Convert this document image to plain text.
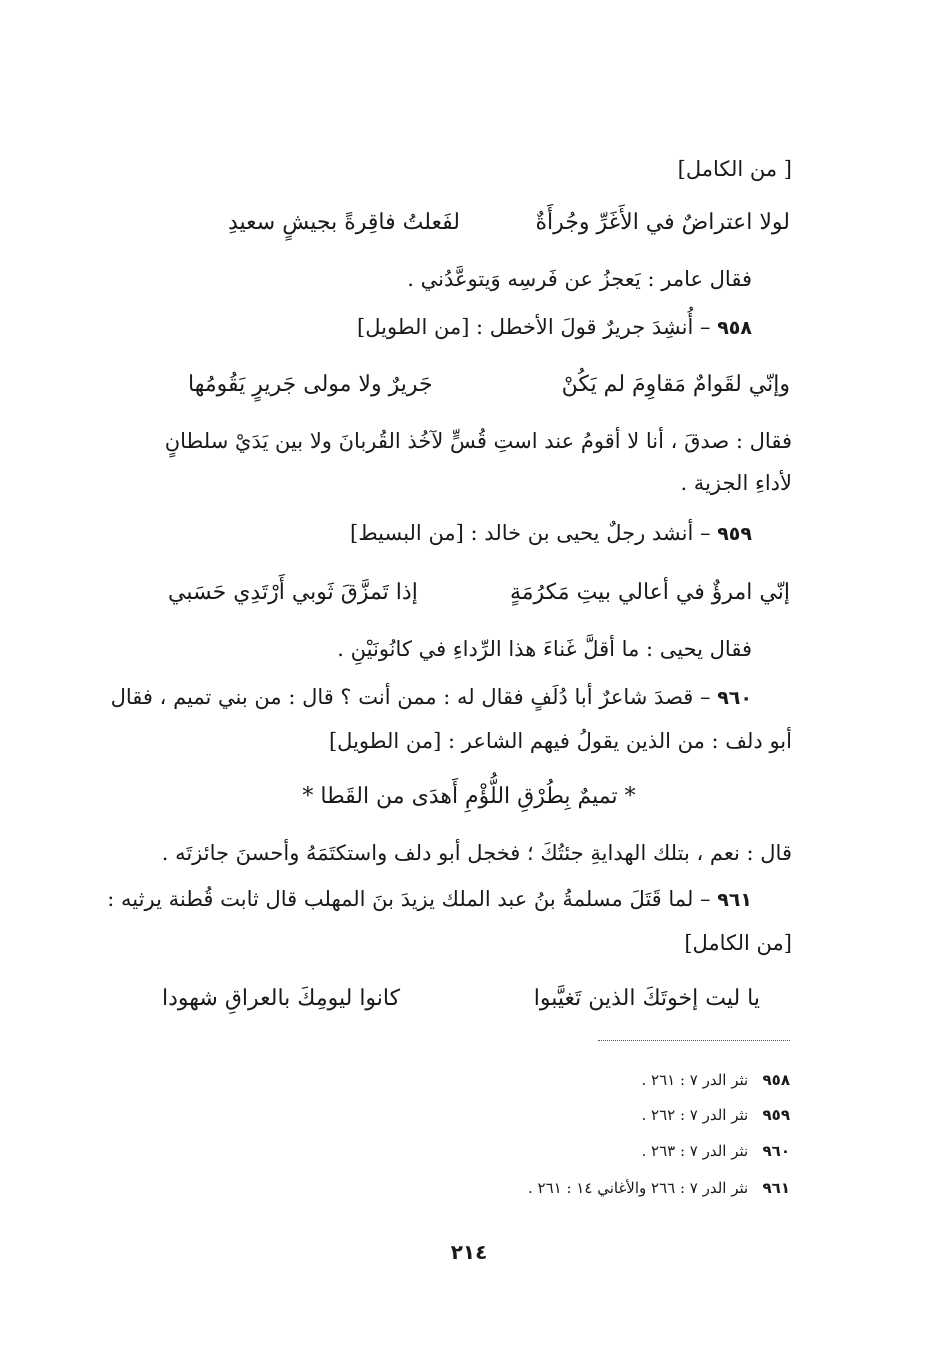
[ من الكامل]
لولا اعتراضٌ في الأَغَرِّ وجُرأَةٌ
لفَعلتُ فاقِرةً بجيشٍ سعيدِ
فقال عامر : يَعجزُ عن فَرسِه وَيتوعَّدُني .
٩٥٨ – أُنشِدَ جريرٌ قولَ الأخطل : [من الطويل]
وإنّي لقَوامٌ مَقاوِمَ لم يَكُنْ
جَريرٌ ولا مولى جَريرٍ يَقُومُها
فقال : صدقَ ، أنا لا أقومُ عند استِ قُسٍّ لآخُذ القُربانَ ولا بين يَدَيْ سلطانٍ
لأداءِ الجزية .
٩٥٩ – أنشد رجلٌ يحيى بن خالد : [من البسيط]
إنّي امرؤٌ في أعالي بيتِ مَكرُمَةٍ
إذا تَمزَّقَ ثَوبي أَرْتَدِي حَسَبي
فقال يحيى : ما أقلَّ غَناءَ هذا الرِّداءِ في كانُونَيْنِ .
٩٦٠ – قصدَ شاعرٌ أبا دُلَفٍ فقال له : ممن أنت ؟ قال : من بني تميم ، فقال
أبو دلف : من الذين يقولُ فيهم الشاعر : [من الطويل]
* تميمٌ بِطُرْقِ اللُّؤْمِ أَهدَى من القَطا *
قال : نعم ، بتلك الهدايةِ جئتُكَ ؛ فخجل أبو دلف واستكتَمَهُ وأحسنَ جائزتَه .
٩٦١ – لما قَتَلَ مسلمةُ بنُ عبد الملك يزيدَ بنَ المهلب قال ثابت قُطنة يرثيه :
[من الكامل]
يا ليت إخوتَكَ الذين تَغيَّبوا
كانوا ليومِكَ بالعراقِ شهودا
٩٥٨   نثر الدر ٧ : ٢٦١ .
٩٥٩   نثر الدر ٧ : ٢٦٢ .
٩٦٠   نثر الدر ٧ : ٢٦٣ .
٩٦١   نثر الدر ٧ : ٢٦٦ والأغاني ١٤ : ٢٦١ .
٢١٤
